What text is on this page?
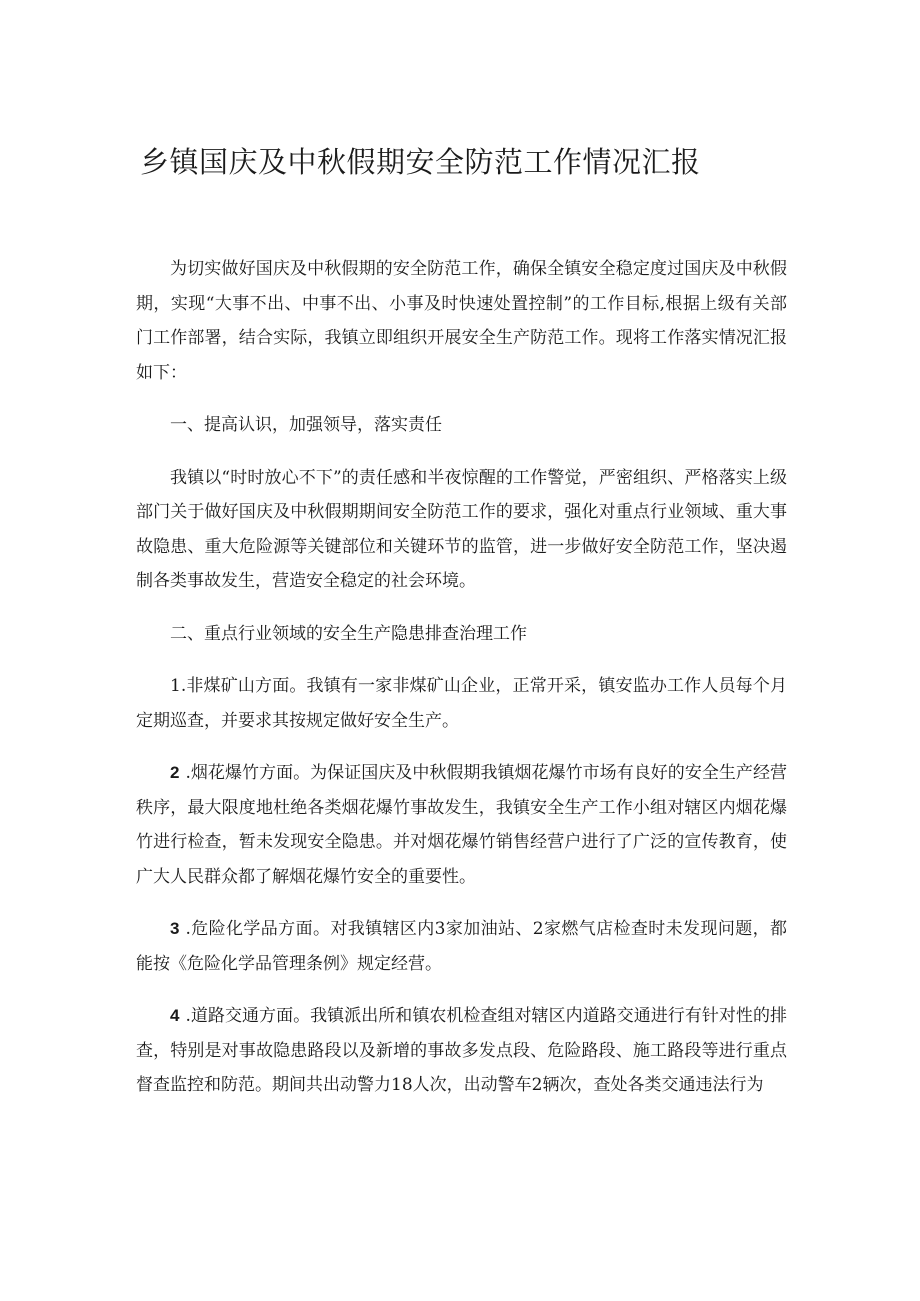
乡镇国庆及中秋假期安全防范工作情况汇报

为切实做好国庆及中秋假期的安全防范工作，确保全镇安全稳定度过国庆及中秋假期，实现“大事不出、中事不出、小事及时快速处置控制”的工作目标,根据上级有关部门工作部署，结合实际，我镇立即组织开展安全生产防范工作。现将工作落实情况汇报如下：

一、提高认识，加强领导，落实责任

我镇以“时时放心不下”的责任感和半夜惊醒的工作警觉，严密组织、严格落实上级部门关于做好国庆及中秋假期期间安全防范工作的要求，强化对重点行业领域、重大事故隐患、重大危险源等关键部位和关键环节的监管，进一步做好安全防范工作，坚决遏制各类事故发生，营造安全稳定的社会环境。

二、重点行业领域的安全生产隐患排查治理工作

1.非煤矿山方面。我镇有一家非煤矿山企业，正常开采，镇安监办工作人员每个月定期巡查，并要求其按规定做好安全生产。

2 .烟花爆竹方面。为保证国庆及中秋假期我镇烟花爆竹市场有良好的安全生产经营秩序，最大限度地杜绝各类烟花爆竹事故发生，我镇安全生产工作小组对辖区内烟花爆竹进行检查，暂未发现安全隐患。并对烟花爆竹销售经营户进行了广泛的宣传教育，使广大人民群众都了解烟花爆竹安全的重要性。

3 .危险化学品方面。对我镇辖区内3家加油站、2家燃气店检查时未发现问题，都能按《危险化学品管理条例》规定经营。

4 .道路交通方面。我镇派出所和镇农机检查组对辖区内道路交通进行有针对性的排查，特别是对事故隐患路段以及新增的事故多发点段、危险路段、施工路段等进行重点督查监控和防范。期间共出动警力18人次，出动警车2辆次，查处各类交通违法行为
